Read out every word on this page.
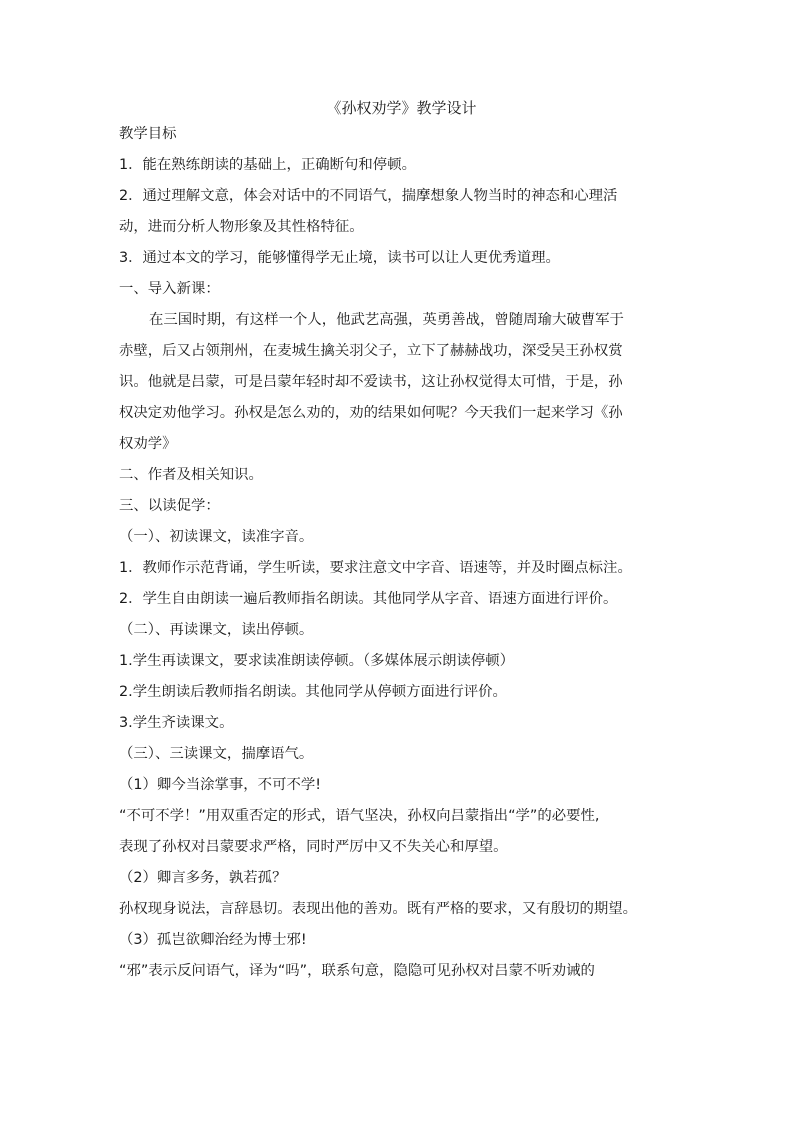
《孙权劝学》教学设计
教学目标
1．能在熟练朗读的基础上，正确断句和停顿。
2．通过理解文意，体会对话中的不同语气，揣摩想象人物当时的神态和心理活
动，进而分析人物形象及其性格特征。
3．通过本文的学习，能够懂得学无止境，读书可以让人更优秀道理。
一、导入新课：
在三国时期，有这样一个人，他武艺高强，英勇善战，曾随周瑜大破曹军于
赤壁，后又占领荆州，在麦城生擒关羽父子，立下了赫赫战功，深受吴王孙权赏
识。他就是吕蒙，可是吕蒙年轻时却不爱读书，这让孙权觉得太可惜，于是，孙
权决定劝他学习。孙权是怎么劝的，劝的结果如何呢？今天我们一起来学习《孙
权劝学》
二、作者及相关知识。
三、以读促学：
（一）、初读课文，读准字音。
1．教师作示范背诵，学生听读，要求注意文中字音、语速等，并及时圈点标注。
2．学生自由朗读一遍后教师指名朗读。其他同学从字音、语速方面进行评价。
（二）、再读课文，读出停顿。
1.学生再读课文，要求读准朗读停顿。（多媒体展示朗读停顿）
2.学生朗读后教师指名朗读。其他同学从停顿方面进行评价。
3.学生齐读课文。
（三）、三读课文，揣摩语气。
（1）卿今当涂掌事，不可不学!
“不可不学！”用双重否定的形式，语气坚决，孙权向吕蒙指出“学”的必要性,
表现了孙权对吕蒙要求严格，同时严厉中又不失关心和厚望。
（2）卿言多务，孰若孤？
孙权现身说法，言辞恳切。表现出他的善劝。既有严格的要求，又有殷切的期望。
（3）孤岂欲卿治经为博士邪!
“邪”表示反问语气，译为“吗”，联系句意，隐隐可见孙权对吕蒙不听劝诫的
